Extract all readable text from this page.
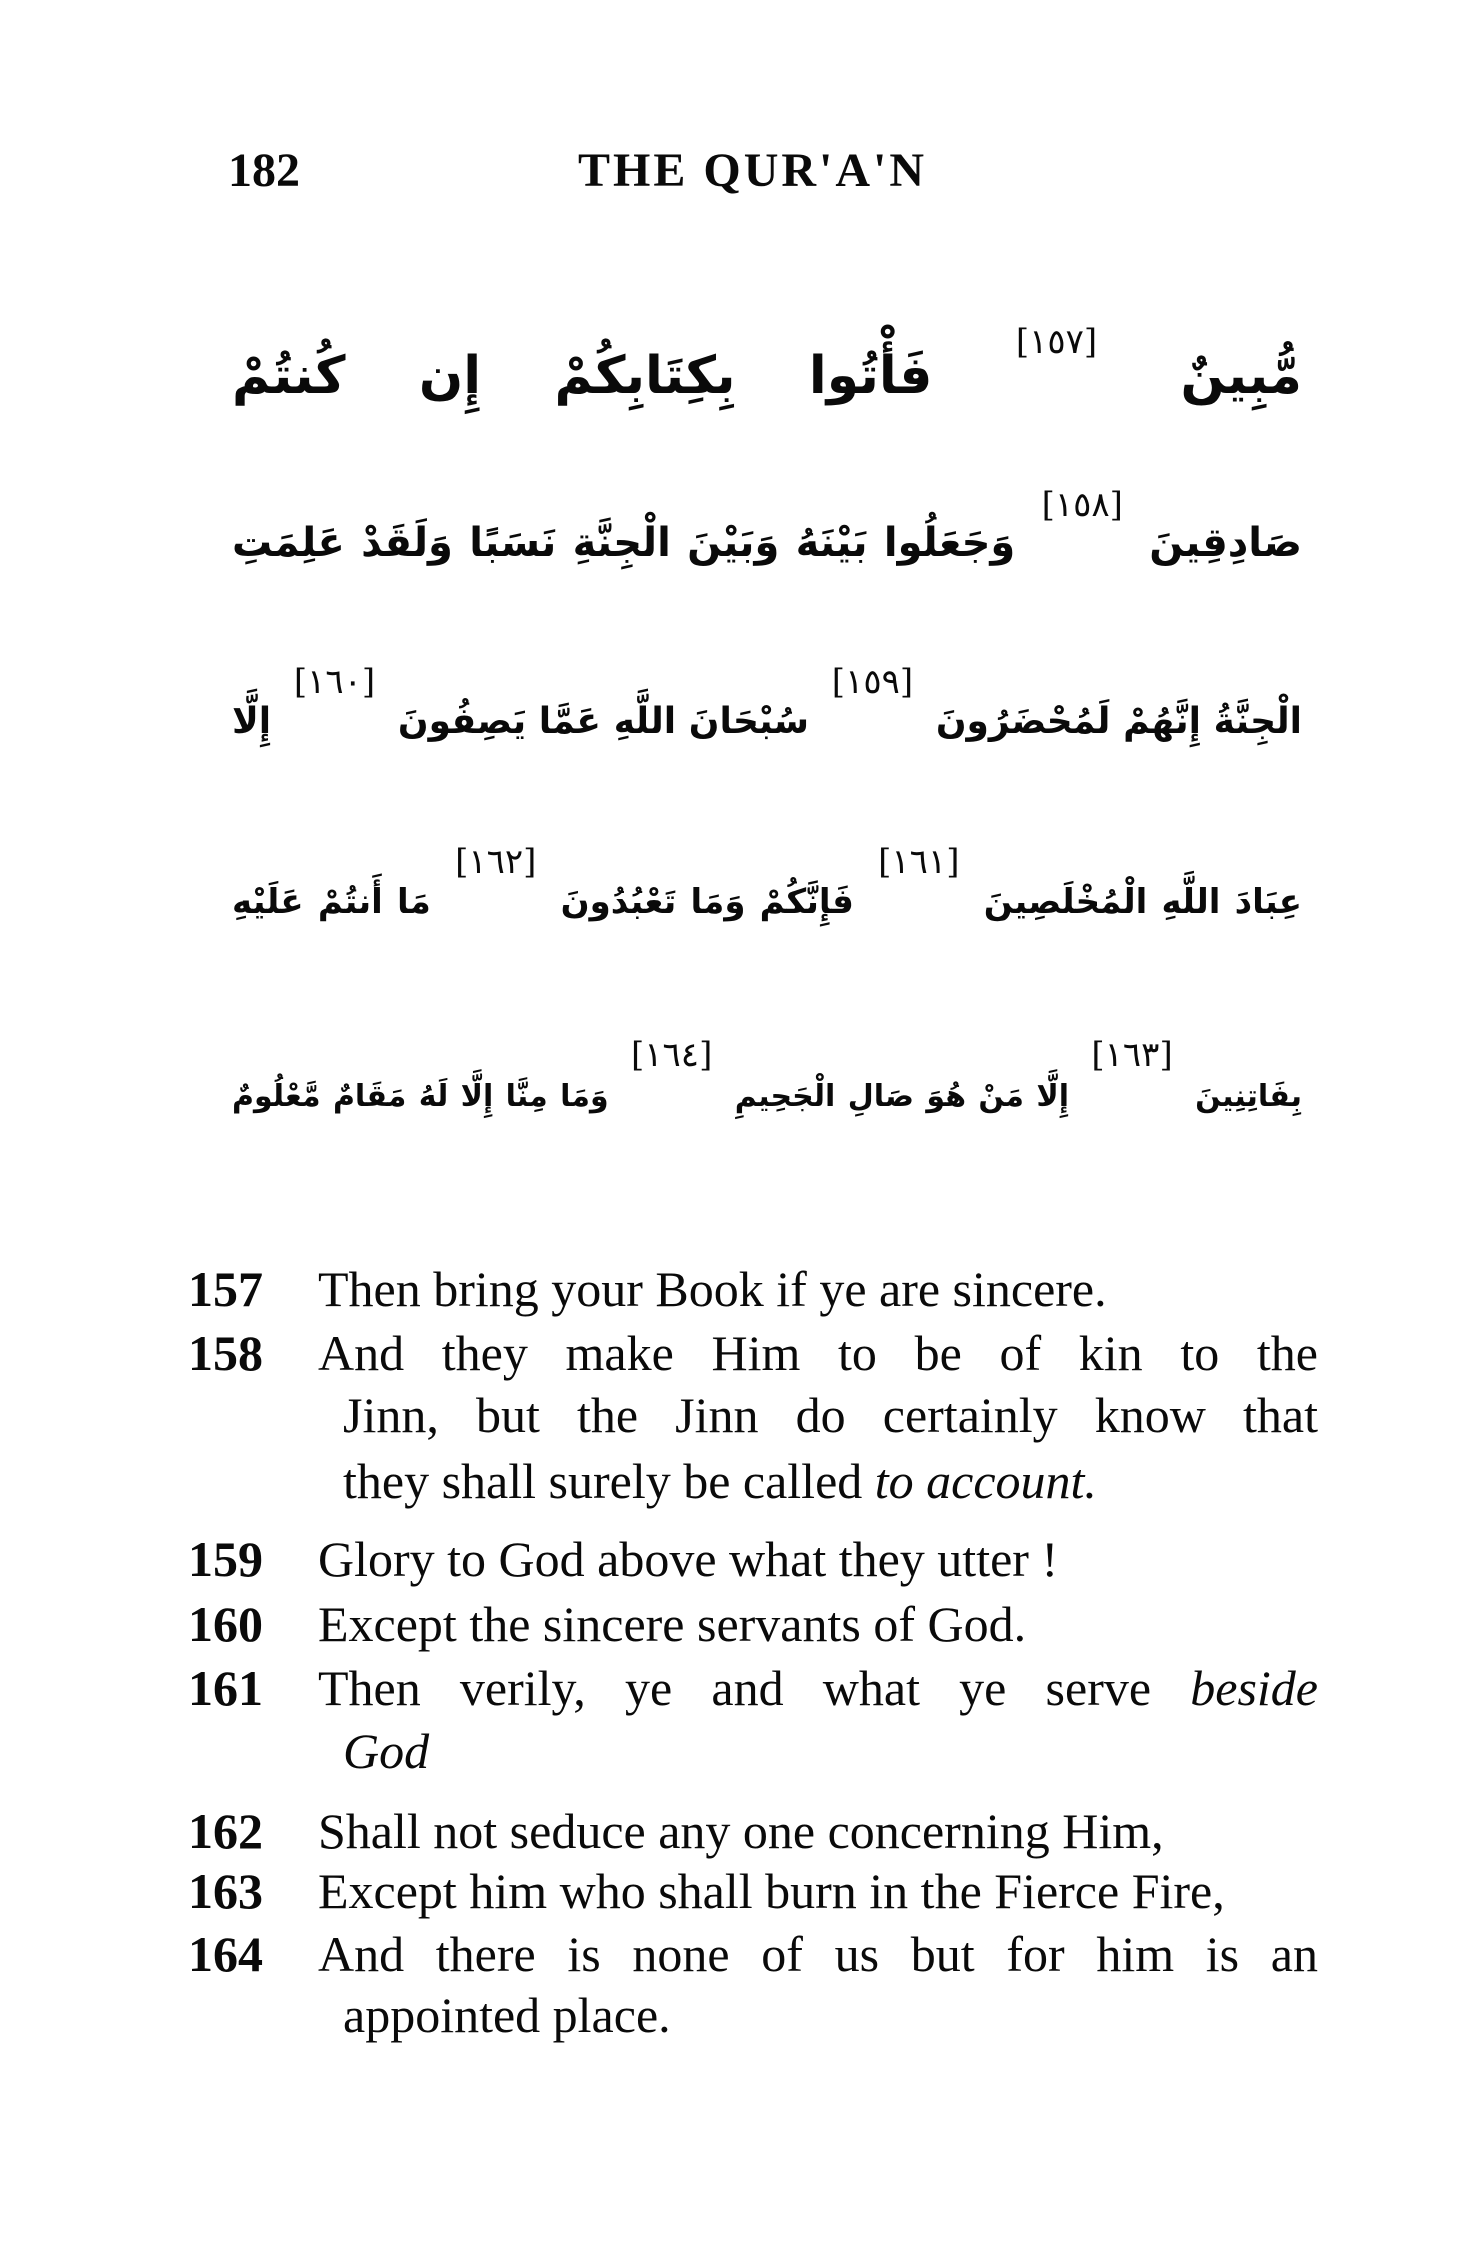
182	THE QUR'A'N
مُّبِينٌ [١٥٧] فَأْتُوا بِكِتَابِكُمْ إِن كُنتُمْ
صَادِقِينَ [١٥٨] وَجَعَلُوا بَيْنَهُ وَبَيْنَ الْجِنَّةِ نَسَبًا وَلَقَدْ عَلِمَتِ
الْجِنَّةُ إِنَّهُمْ لَمُحْضَرُونَ [١٥٩] سُبْحَانَ اللَّهِ عَمَّا يَصِفُونَ [١٦٠] إِلَّا
عِبَادَ اللَّهِ الْمُخْلَصِينَ [١٦١] فَإِنَّكُمْ وَمَا تَعْبُدُونَ [١٦٢] مَا أَنتُمْ عَلَيْهِ
بِفَاتِنِينَ [١٦٣] إِلَّا مَنْ هُوَ صَالِ الْجَحِيمِ [١٦٤] وَمَا مِنَّا إِلَّا لَهُ مَقَامٌ مَّعْلُومٌ
157 Then bring your Book if ye are sincere.
158 And they make Him to be of kin to the
Jinn, but the Jinn do certainly know that
they shall surely be called to account.
159 Glory to God above what they utter !
160 Except the sincere servants of God.
161 Then verily, ye and what ye serve beside
God
162 Shall not seduce any one concerning Him,
163 Except him who shall burn in the Fierce Fire,
164 And there is none of us but for him is an
appointed place.
